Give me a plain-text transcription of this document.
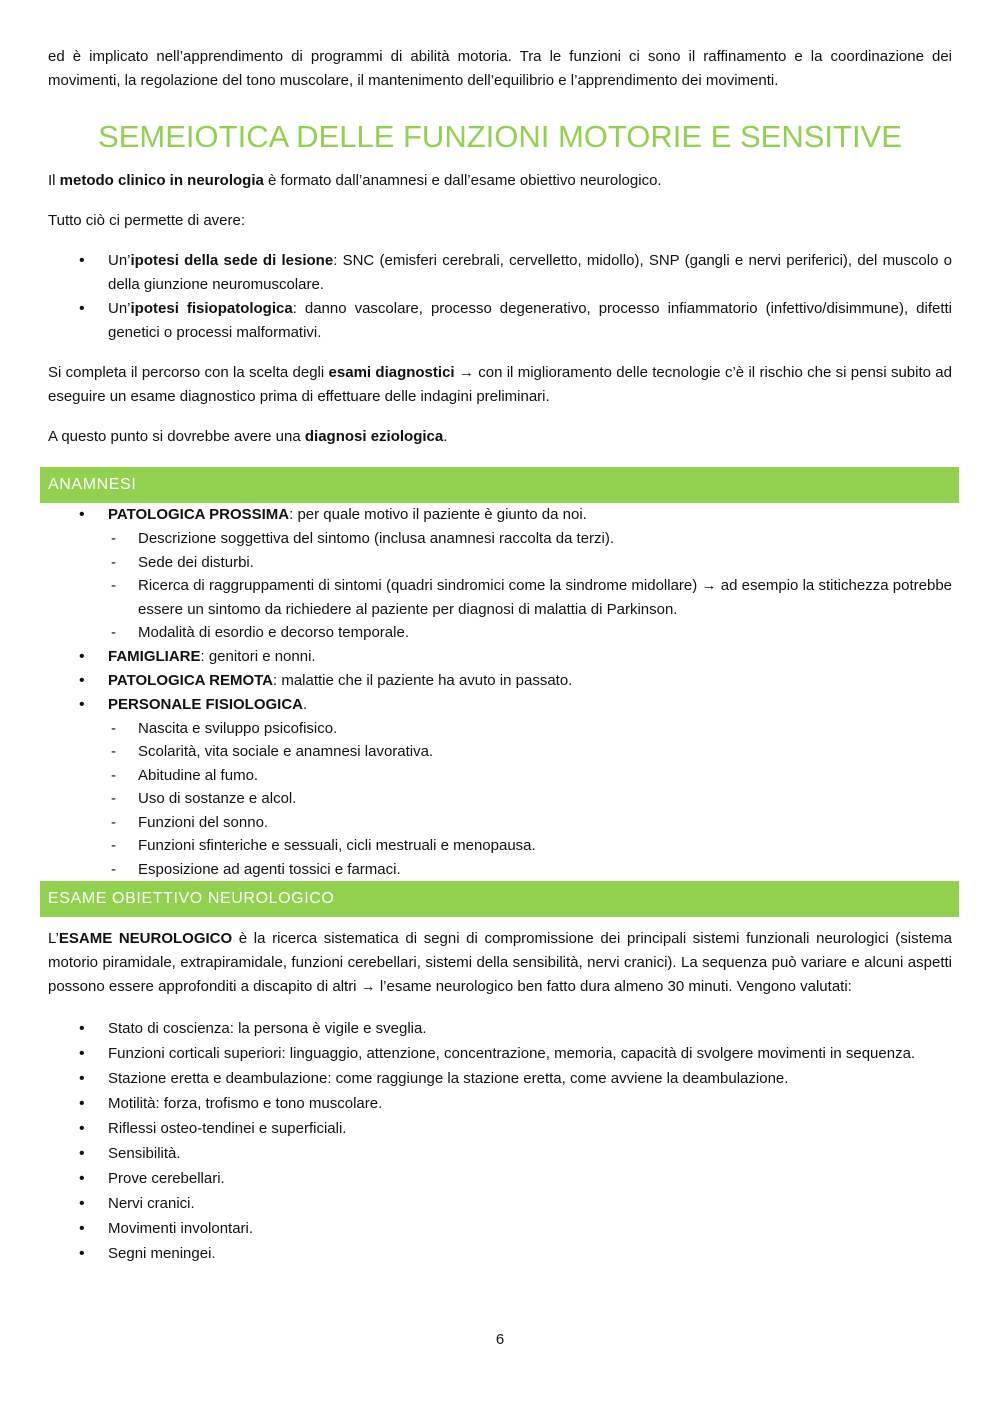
ed è implicato nell’apprendimento di programmi di abilità motoria. Tra le funzioni ci sono il raffinamento e la coordinazione dei movimenti, la regolazione del tono muscolare, il mantenimento dell’equilibrio e l’apprendimento dei movimenti.

SEMEIOTICA DELLE FUNZIONI MOTORIE E SENSITIVE

Il metodo clinico in neurologia è formato dall’anamnesi e dall’esame obiettivo neurologico.

Tutto ciò ci permette di avere:

• Un’ipotesi della sede di lesione: SNC (emisferi cerebrali, cervelletto, midollo), SNP (gangli e nervi periferici), del muscolo o della giunzione neuromuscolare.
• Un’ipotesi fisiopatologica: danno vascolare, processo degenerativo, processo infiammatorio (infettivo/disimmune), difetti genetici o processi malformativi.

Si completa il percorso con la scelta degli esami diagnostici → con il miglioramento delle tecnologie c’è il rischio che si pensi subito ad eseguire un esame diagnostico prima di effettuare delle indagini preliminari.

A questo punto si dovrebbe avere una diagnosi eziologica.

ANAMNESI
• PATOLOGICA PROSSIMA: per quale motivo il paziente è giunto da noi.
- Descrizione soggettiva del sintomo (inclusa anamnesi raccolta da terzi).
- Sede dei disturbi.
- Ricerca di raggruppamenti di sintomi (quadri sindromici come la sindrome midollare) → ad esempio la stitichezza potrebbe essere un sintomo da richiedere al paziente per diagnosi di malattia di Parkinson.
- Modalità di esordio e decorso temporale.
• FAMIGLIARE: genitori e nonni.
• PATOLOGICA REMOTA: malattie che il paziente ha avuto in passato.
• PERSONALE FISIOLOGICA.
- Nascita e sviluppo psicofisico.
- Scolarità, vita sociale e anamnesi lavorativa.
- Abitudine al fumo.
- Uso di sostanze e alcol.
- Funzioni del sonno.
- Funzioni sfinteriche e sessuali, cicli mestruali e menopausa.
- Esposizione ad agenti tossici e farmaci.
ESAME OBIETTIVO NEUROLOGICO

L’ESAME NEUROLOGICO è la ricerca sistematica di segni di compromissione dei principali sistemi funzionali neurologici (sistema motorio piramidale, extrapiramidale, funzioni cerebellari, sistemi della sensibilità, nervi cranici). La sequenza può variare e alcuni aspetti possono essere approfonditi a discapito di altri → l’esame neurologico ben fatto dura almeno 30 minuti. Vengono valutati:

• Stato di coscienza: la persona è vigile e sveglia.
• Funzioni corticali superiori: linguaggio, attenzione, concentrazione, memoria, capacità di svolgere movimenti in sequenza.
• Stazione eretta e deambulazione: come raggiunge la stazione eretta, come avviene la deambulazione.
• Motilità: forza, trofismo e tono muscolare.
• Riflessi osteo-tendinei e superficiali.
• Sensibilità.
• Prove cerebellari.
• Nervi cranici.
• Movimenti involontari.
• Segni meningei.
6
